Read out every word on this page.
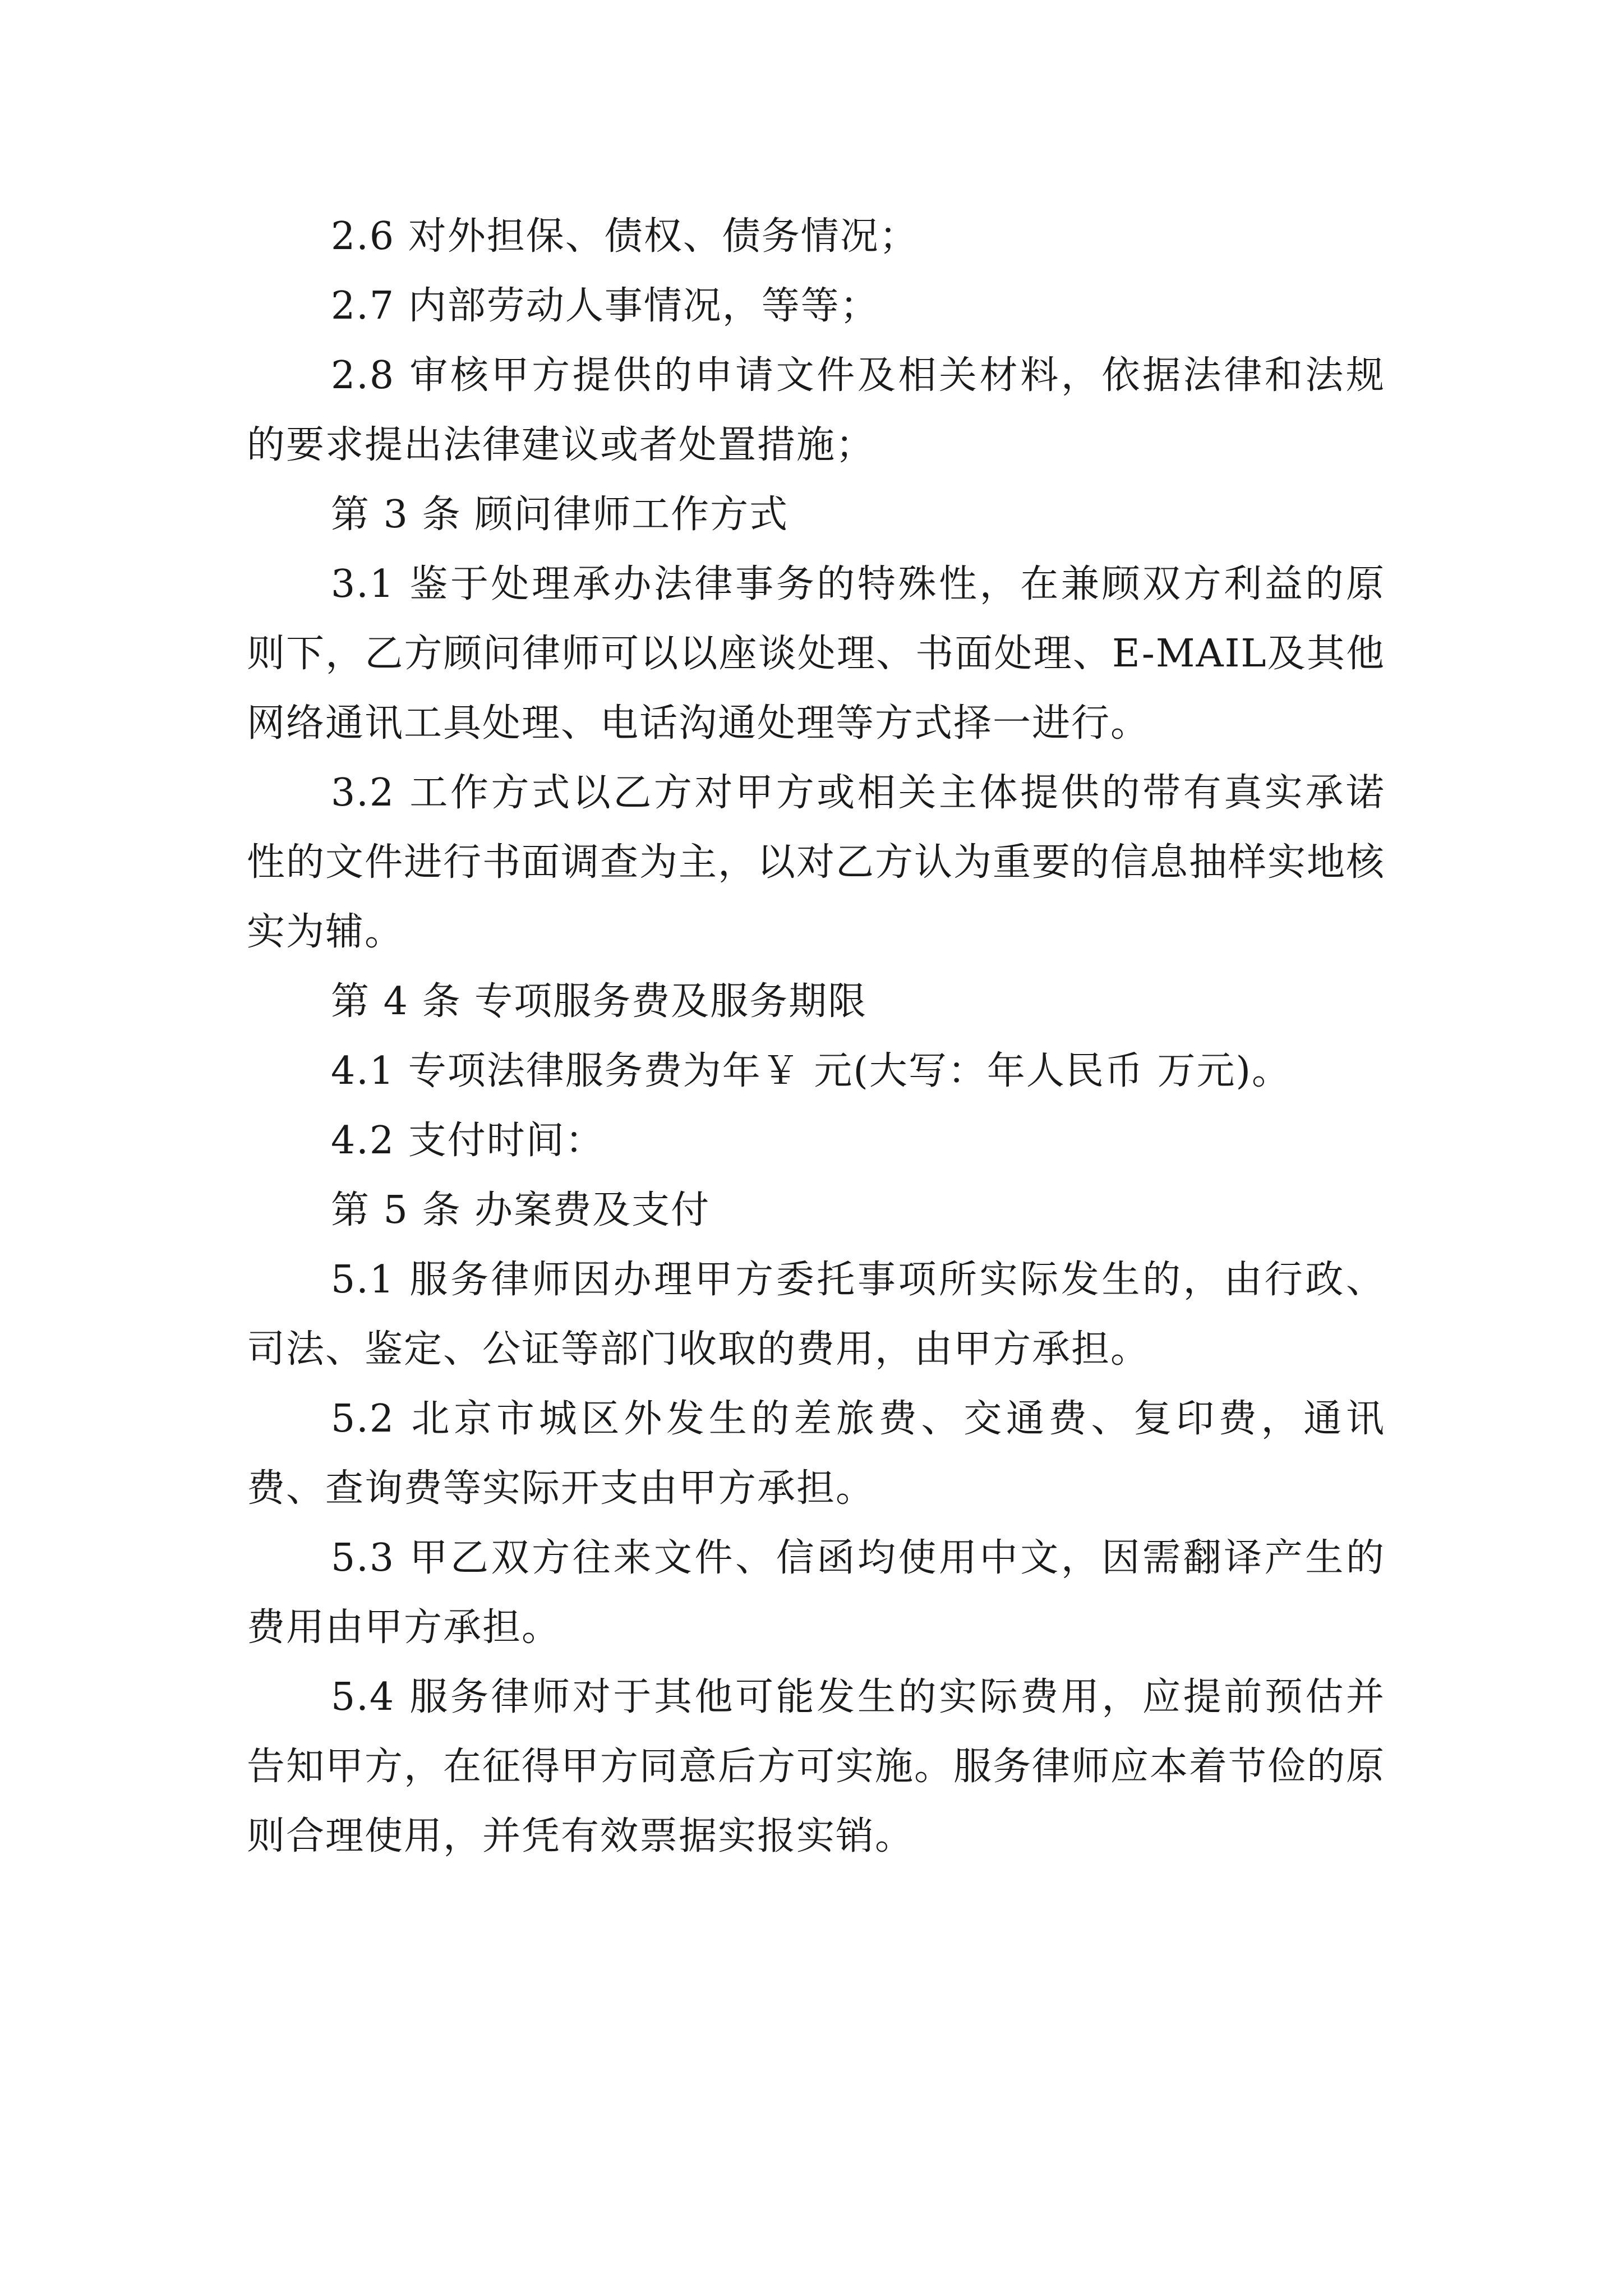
2.6 对外担保、债权、债务情况；

2.7 内部劳动人事情况，等等；

2.8 审核甲方提供的申请文件及相关材料，依据法律和法规的要求提出法律建议或者处置措施；

第 3 条 顾问律师工作方式

3.1 鉴于处理承办法律事务的特殊性，在兼顾双方利益的原则下，乙方顾问律师可以以座谈处理、书面处理、E-MAIL及其他网络通讯工具处理、电话沟通处理等方式择一进行。

3.2 工作方式以乙方对甲方或相关主体提供的带有真实承诺性的文件进行书面调查为主，以对乙方认为重要的信息抽样实地核实为辅。

第 4 条 专项服务费及服务期限

4.1 专项法律服务费为年￥ 元(大写：年人民币 万元)。

4.2 支付时间：

第 5 条 办案费及支付

5.1 服务律师因办理甲方委托事项所实际发生的，由行政、司法、鉴定、公证等部门收取的费用，由甲方承担。

5.2 北京市城区外发生的差旅费、交通费、复印费，通讯费、查询费等实际开支由甲方承担。

5.3 甲乙双方往来文件、信函均使用中文，因需翻译产生的费用由甲方承担。

5.4 服务律师对于其他可能发生的实际费用，应提前预估并告知甲方，在征得甲方同意后方可实施。服务律师应本着节俭的原则合理使用，并凭有效票据实报实销。
